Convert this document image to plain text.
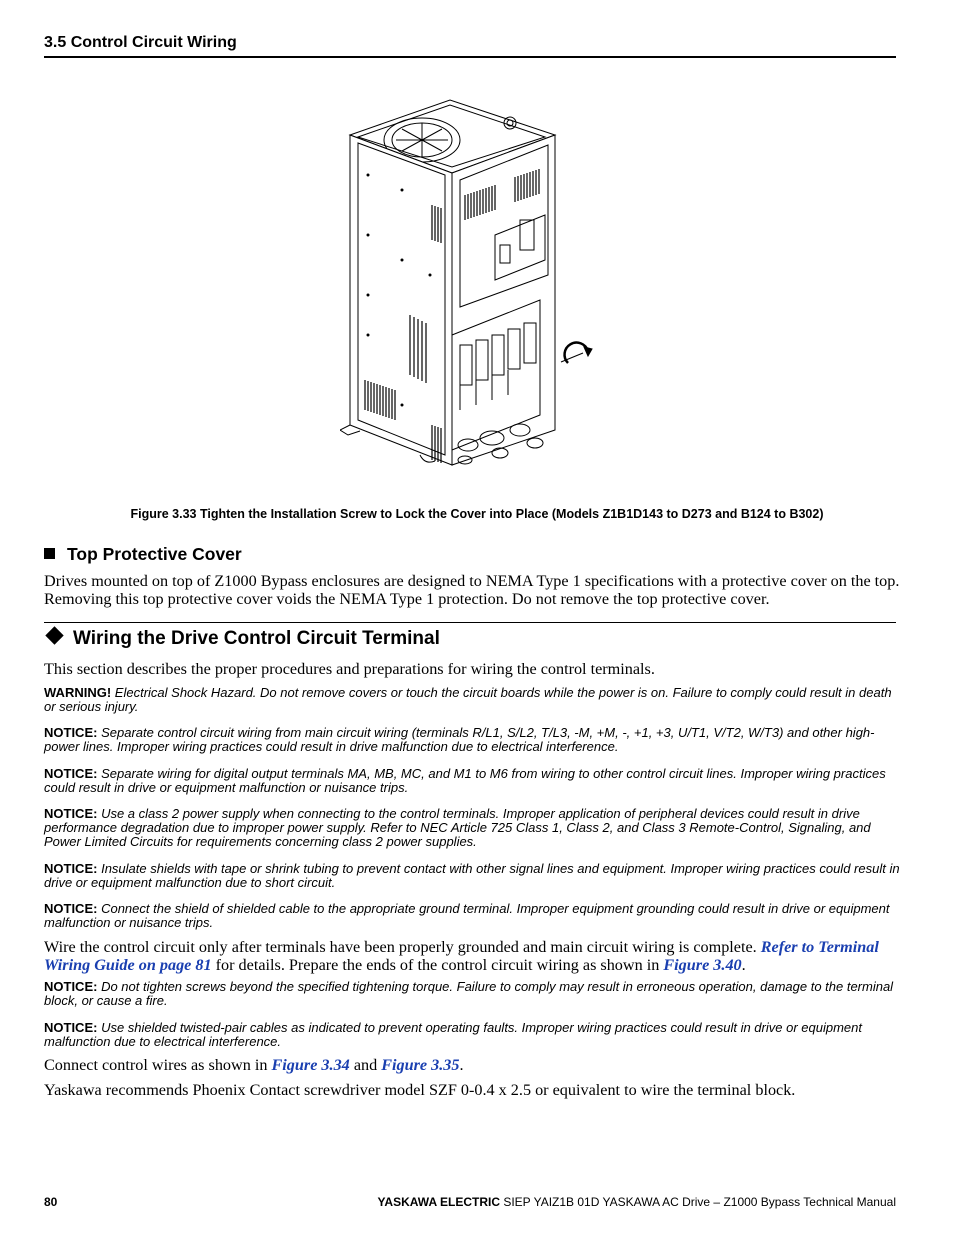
3.5 Control Circuit Wiring
Figure 3.33 Tighten the Installation Screw to Lock the Cover into Place (Models Z1B1D143 to D273 and B124 to B302)
Top Protective Cover
Drives mounted on top of Z1000 Bypass enclosures are designed to NEMA Type 1 specifications with a protective cover on the top. Removing this top protective cover voids the NEMA Type 1 protection. Do not remove the top protective cover.
Wiring the Drive Control Circuit Terminal
This section describes the proper procedures and preparations for wiring the control terminals.
WARNING! Electrical Shock Hazard. Do not remove covers or touch the circuit boards while the power is on. Failure to comply could result in death or serious injury.
NOTICE: Separate control circuit wiring from main circuit wiring (terminals R/L1, S/L2, T/L3, -M, +M, -, +1, +3, U/T1, V/T2, W/T3) and other high-power lines. Improper wiring practices could result in drive malfunction due to electrical interference.
NOTICE: Separate wiring for digital output terminals MA, MB, MC, and M1 to M6 from wiring to other control circuit lines. Improper wiring practices could result in drive or equipment malfunction or nuisance trips.
NOTICE: Use a class 2 power supply when connecting to the control terminals. Improper application of peripheral devices could result in drive performance degradation due to improper power supply. Refer to NEC Article 725 Class 1, Class 2, and Class 3 Remote-Control, Signaling, and Power Limited Circuits for requirements concerning class 2 power supplies.
NOTICE: Insulate shields with tape or shrink tubing to prevent contact with other signal lines and equipment. Improper wiring practices could result in drive or equipment malfunction due to short circuit.
NOTICE: Connect the shield of shielded cable to the appropriate ground terminal. Improper equipment grounding could result in drive or equipment malfunction or nuisance trips.
Wire the control circuit only after terminals have been properly grounded and main circuit wiring is complete. Refer to Terminal Wiring Guide on page 81 for details. Prepare the ends of the control circuit wiring as shown in Figure 3.40.
NOTICE: Do not tighten screws beyond the specified tightening torque. Failure to comply may result in erroneous operation, damage to the terminal block, or cause a fire.
NOTICE: Use shielded twisted-pair cables as indicated to prevent operating faults. Improper wiring practices could result in drive or equipment malfunction due to electrical interference.
Connect control wires as shown in Figure 3.34 and Figure 3.35.
Yaskawa recommends Phoenix Contact screwdriver model SZF 0-0.4 x 2.5 or equivalent to wire the terminal block.
80	YASKAWA ELECTRIC SIEP YAIZ1B 01D YASKAWA AC Drive – Z1000 Bypass Technical Manual
